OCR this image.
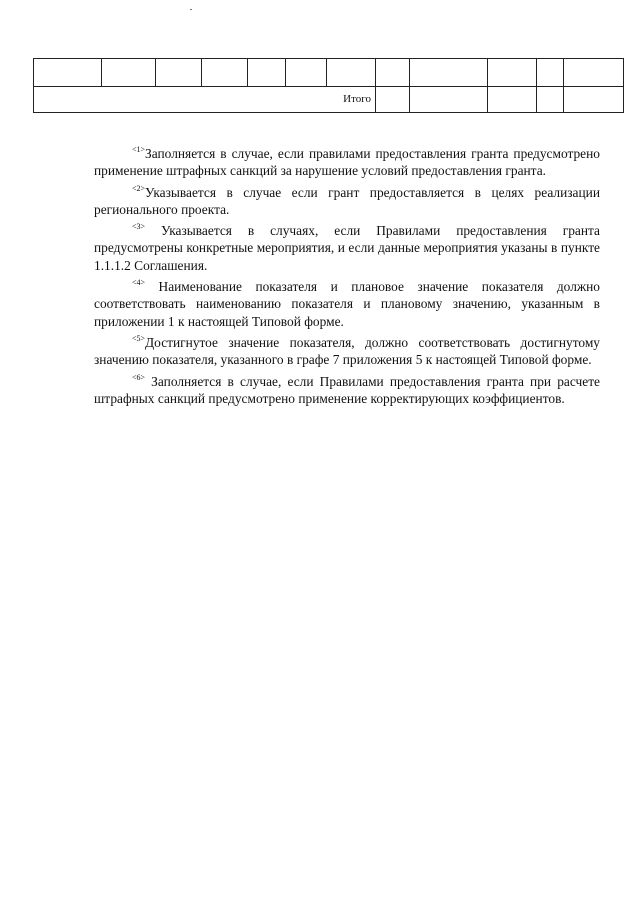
Итого											

$^{<1>}$Заполняется в случае, если правилами предоставления гранта предусмотрено применение штрафных санкций за нарушение условий предоставления гранта.

$^{<2>}$Указывается в случае если грант предоставляется в целях реализации регионального проекта.

$^{<3>}$ Указывается в случаях, если Правилами предоставления гранта предусмотрены конкретные мероприятия, и если данные мероприятия указаны в пункте 1.1.1.2 Соглашения.

$^{<4>}$ Наименование показателя и плановое значение показателя должно соответствовать наименованию показателя и плановому значению, указанным в приложении 1 к настоящей Типовой форме.

$^{<5>}$Достигнутое значение показателя, должно соответствовать достигнутому значению показателя, указанного в графе 7 приложения 5 к настоящей Типовой форме.

$^{<6>}$ Заполняется в случае, если Правилами предоставления гранта при расчете штрафных санкций предусмотрено применение корректирующих коэффициентов.
